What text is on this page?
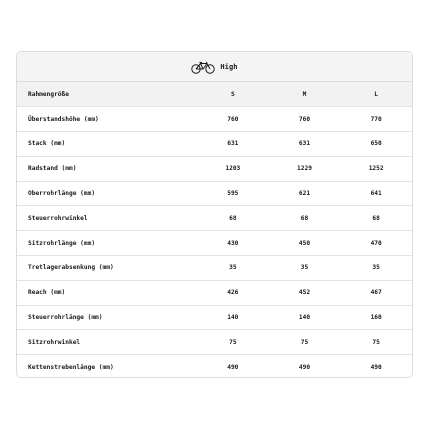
High
Rahmengröße	S	M	L
Überstandshöhe (mm)	760	760	770
Stack (mm)	631	631	650
Radstand (mm)	1203	1229	1252
Oberrohrlänge (mm)	595	621	641
Steuerrohrwinkel	68	68	68
Sitzrohrlänge (mm)	430	450	470
Tretlagerabsenkung (mm)	35	35	35
Reach (mm)	426	452	467
Steuerrohrlänge (mm)	140	140	160
Sitzrohrwinkel	75	75	75
Kettenstrebenlänge (mm)	490	490	490
